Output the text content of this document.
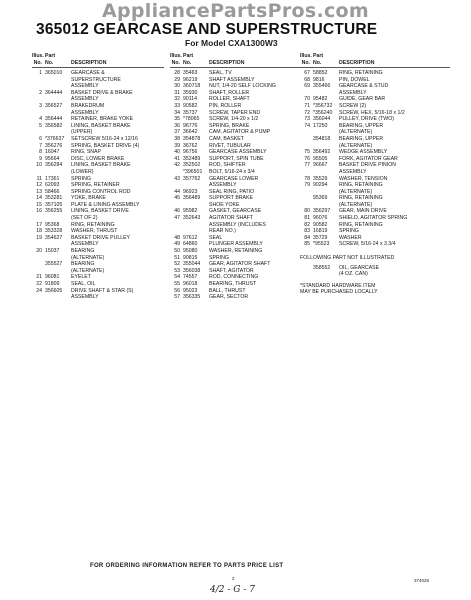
AppliancePartsPros.com
365012 GEARCASE AND SUPERSTRUCTURE
For Model CXA1300W3
Illus. Part
No. No.	DESCRIPTION
1 365010	GEARCASE &
SUPERSTRUCTURE
ASSEMBLY
2 364444	BASKET DRIVE & BRAKE
ASSEMBLY
3 356527	BRAKEDRUM
ASSEMBLY
4 356444	RETAINER, BRAKE YOKE
5 356582	LINING, BASKET BRAKE
(UPPER)
6 *376637	SETSCREW 5/16-24 x 12/16
7 356276	SPRING, BASKET DRIVE (4)
8 16047	RING, SNAP
9 95664	DISC, LOWER BRAKE
10 356284	LINING, BASKET BRAKE
(LOWER)
11 17361	SPRING
12 62093	SPRING, RETAINER
13 58466	SPRING CONTROL ROD
14 353281	YOKE, BRAKE
15 357105	PLATE & LINING ASSEMBLY
16 356255	LINING, BASKET DRIVE
(SET OF 2)
17 95368	RING, RETAINING
18 353328	WASHER, THRUST
19 354627	BASKET DRIVE PULLEY
ASSEMBLY
20 15037	BEARING
(ALTERNATE)
355527	BEARING
(ALTERNATE)
21 96081	EYELET
22 91809	SEAL, OIL
24 356605	DRIVE SHAFT & STAR (S)
ASSEMBLY
Illus. Part
No. No.	DESCRIPTION
28 35463	SEAL, TV
29 96219	SHAFT ASSEMBLY
30 360718	NUT, 1/4-20 SELF LOCKING
31 35930	SHAFT, ROLLER
32 90114	ROLLER, SHAFT
33 90582	PIN, ROLLER
34 35737	SCREW, TAPER END
35 *78065	SCREW, 1/4-20 x 1/2
36 96776	SPRING, BRAKE
37 36642	CAM, AGITATOR & PUMP
38 354878	CAM, BASKET
39 36762	RIVET, TUBULAR
40 96756	GEARCASE ASSEMBLY
41 352489	SUPPORT, SPIN TUBE
42 352502	ROD, SHIFTER
*396501	BOLT, 5/16-24 x 3/4
43 357762	GEARCASE LOWER
ASSEMBLY
44 96923	SEAL RING, PATIO
45 356489	SUPPORT BRAKE
SHOE YOKE
46 95982	GASKET, GEARCASE
47 352643	AGITATOR SHAFT
ASSEMBLY (INCLUDES
REAR NO.)
48 97612	SEAL
49 64860	PLUNGER ASSEMBLY
50 95080	WASHER, RETAINING
51 90815	SPRING
52 355044	GEAR, AGITATOR SHAFT
53 356038	SHAFT, AGITATOR
54 74557	ROD, CONNECTING
55 96018	BEARING, THRUST
56 95023	BALL, THRUST
57 356335	GEAR, SECTOR
Illus. Part
No. No.	DESCRIPTION
67 58852	RING, RETAINING
68 9816	PIN, DOWEL
69 355466	GEARCASE & STUD
ASSEMBLY
70 95482	GUIDE, GEAR BAR
71 *356732	SCREW (2)
72 *356240	SCREW, HEX, 5/16-18 x 1/2
73 356044	PULLEY, DRIVE (TWO)
74 17250	BEARING, UPPER
(ALTERNATE)
354818	BEARING, UPPER
(ALTERNATE)
75 356492	WEDGE ASSEMBLY
76 95505	FORK, AGITATOR GEAR
77 96667	BASKET DRIVE PINION
ASSEMBLY
78 35529	WASHER, TENSION
79 90294	RING, RETAINING
(ALTERNATE)
95369	RING, RETAINING
(ALTERNATE)
80 356297	GEAR, MAIN DRIVE
81 96076	SHIELD, AGITATOR SPRING
82 90582	RING, RETAINING
83 16819	SPRING
84 35729	WASHER
85 *95523	SCREW, 5/16-24 x 3 3/4
FOLLOWING PART NOT ILLUSTRATED
358552	OIL, GEARCASE
(4 OZ. CAN)
*STANDARD HARDWARE ITEM
MAY BE PURCHASED LOCALLY
FOR ORDERING INFORMATION REFER TO PARTS PRICE LIST
2	374026
4/2 - G - 7
